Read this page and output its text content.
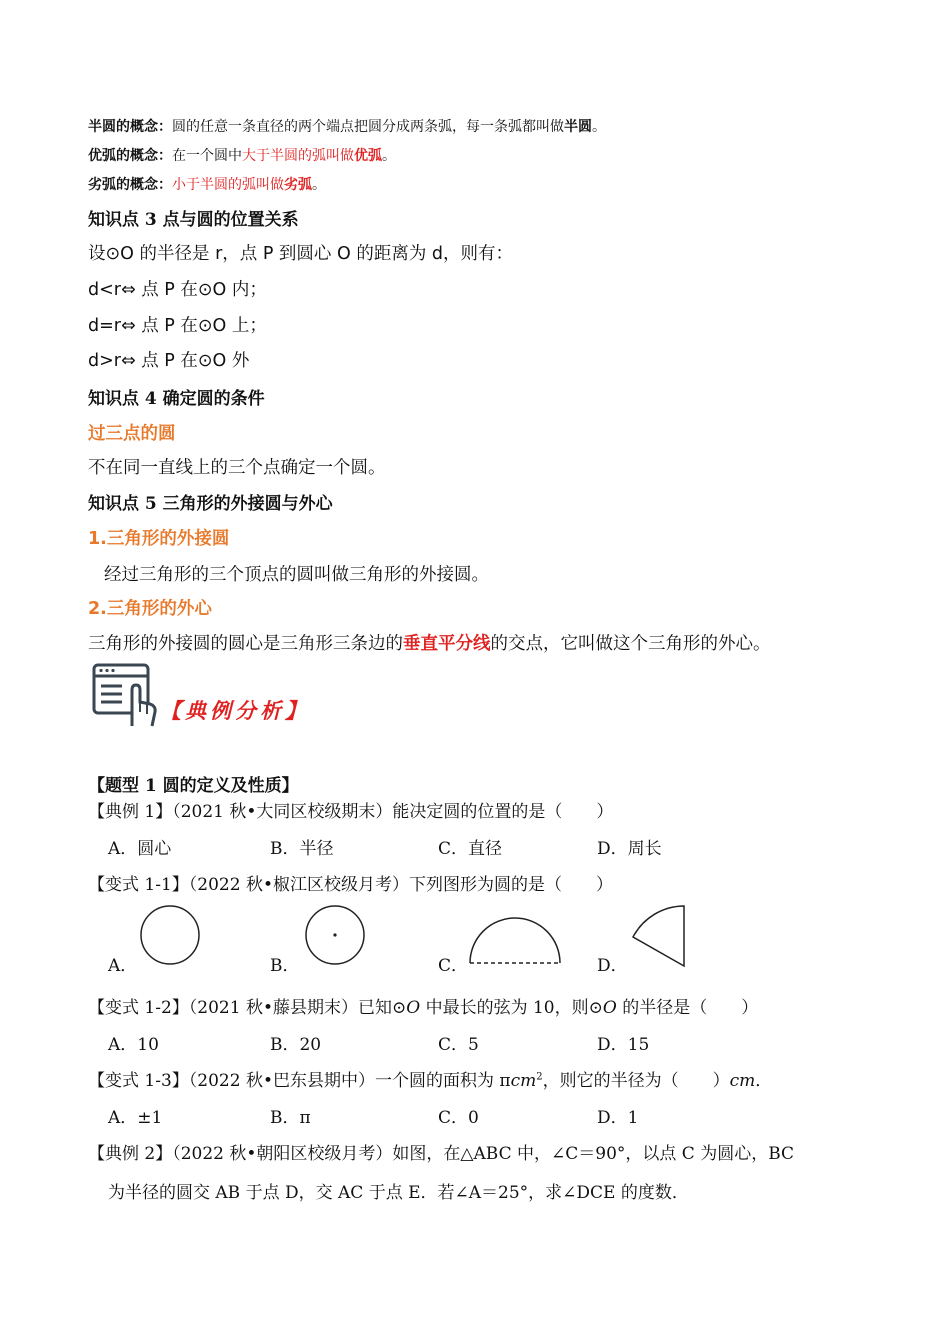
半圆的概念：圆的任意一条直径的两个端点把圆分成两条弧，每一条弧都叫做半圆。
优弧的概念：在一个圆中大于半圆的弧叫做优弧。
劣弧的概念：小于半圆的弧叫做劣弧。
知识点 3 点与圆的位置关系
设⊙O 的半径是 r，点 P 到圆心 O 的距离为 d，则有：
d<r⇔ 点 P 在⊙O 内；
d=r⇔ 点 P 在⊙O 上；
d>r⇔ 点 P 在⊙O 外
知识点 4 确定圆的条件
过三点的圆
不在同一直线上的三个点确定一个圆。
知识点 5 三角形的外接圆与外心
1.三角形的外接圆
经过三角形的三个顶点的圆叫做三角形的外接圆。
2.三角形的外心
三角形的外接圆的圆心是三角形三条边的垂直平分线的交点，它叫做这个三角形的外心。
【典例分析】
【题型 1 圆的定义及性质】
【典例 1】（2021 秋•大同区校级期末）能决定圆的位置的是（　　）
A．圆心	B．半径	C．直径	D．周长
【变式 1-1】（2022 秋•椒江区校级月考）下列图形为圆的是（　　）
A．	B．	C．	D．
【变式 1-2】（2021 秋•藤县期末）已知⊙O 中最长的弦为 10，则⊙O 的半径是（　　）
A．10	B．20	C．5	D．15
【变式 1-3】（2022 秋•巴东县期中）一个圆的面积为 πcm$^2$，则它的半径为（　　）cm．
A．±1	B．π	C．0	D．1
【典例 2】（2022 秋•朝阳区校级月考）如图，在△ABC 中，∠C＝90°，以点 C 为圆心，BC
为半径的圆交 AB 于点 D，交 AC 于点 E．若∠A＝25°，求∠DCE 的度数．
